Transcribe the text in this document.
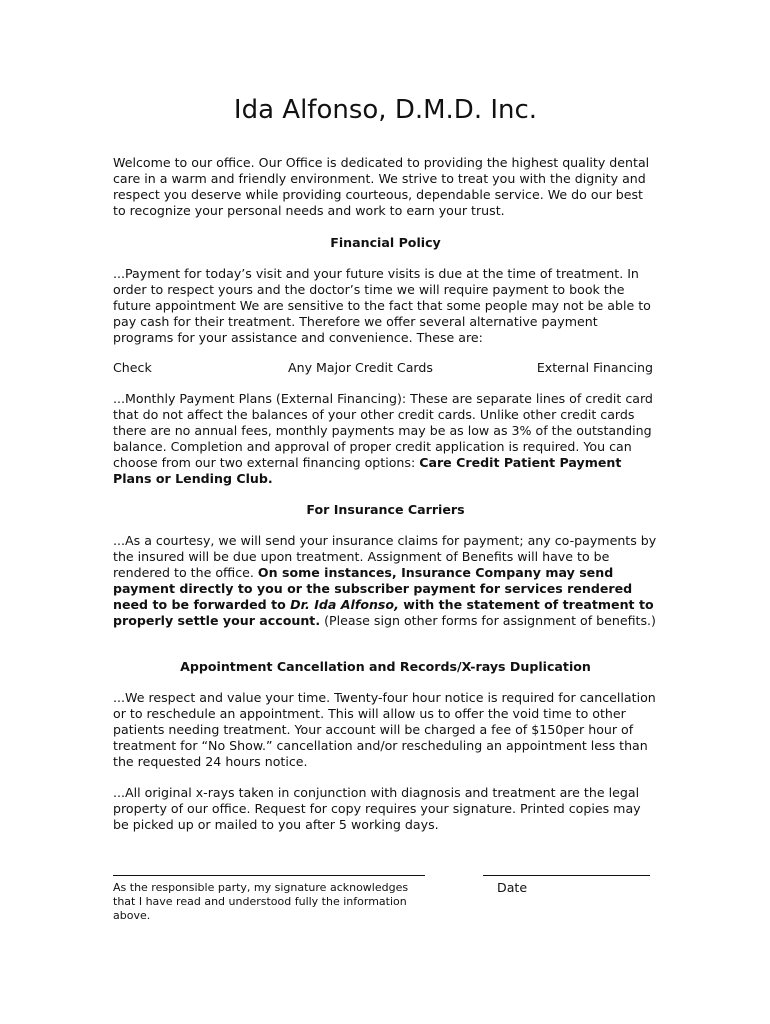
Ida Alfonso, D.M.D. Inc.

Welcome to our office. Our Office is dedicated to providing the highest quality dental care in a warm and friendly environment. We strive to treat you with the dignity and respect you deserve while providing courteous, dependable service. We do our best to recognize your personal needs and work to earn your trust.

Financial Policy

...Payment for today’s visit and your future visits is due at the time of treatment. In order to respect yours and the doctor’s time we will require payment to book the future appointment We are sensitive to the fact that some people may not be able to pay cash for their treatment. Therefore we offer several alternative payment programs for your assistance and convenience. These are:

Check	Any Major Credit Cards	External Financing

...Monthly Payment Plans (External Financing): These are separate lines of credit card that do not affect the balances of your other credit cards. Unlike other credit cards there are no annual fees, monthly payments may be as low as 3% of the outstanding balance. Completion and approval of proper credit application is required. You can choose from our two external financing options: Care Credit Patient Payment Plans or Lending Club.

For Insurance Carriers

...As a courtesy, we will send your insurance claims for payment; any co-payments by the insured will be due upon treatment. Assignment of Benefits will have to be rendered to the office. On some instances, Insurance Company may send payment directly to you or the subscriber payment for services rendered need to be forwarded to Dr. Ida Alfonso, with the statement of treatment to properly settle your account. (Please sign other forms for assignment of benefits.)

Appointment Cancellation and Records/X-rays Duplication

...We respect and value your time. Twenty-four hour notice is required for cancellation or to reschedule an appointment. This will allow us to offer the void time to other patients needing treatment. Your account will be charged a fee of $150per hour of treatment for “No Show.” cancellation and/or rescheduling an appointment less than the requested 24 hours notice.

...All original x-rays taken in conjunction with diagnosis and treatment are the legal property of our office. Request for copy requires your signature. Printed copies may be picked up or mailed to you after 5 working days.

As the responsible party, my signature acknowledges that I have read and understood fully the information above.
Date
